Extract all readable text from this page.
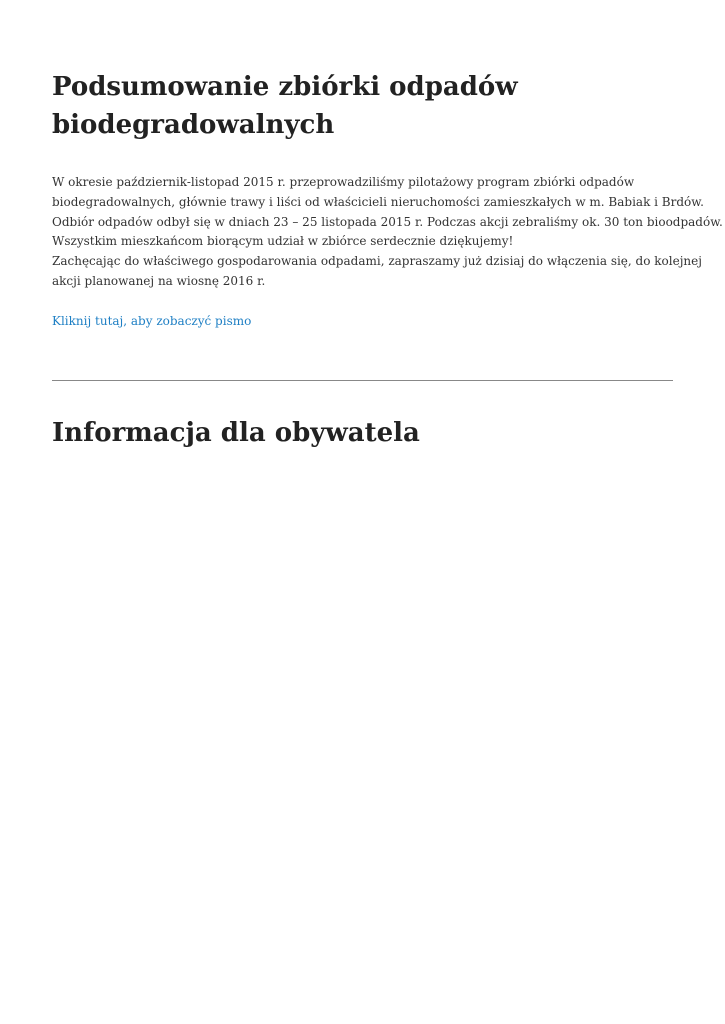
Podsumowanie zbiórki odpadów
biodegradowalnych

W okresie październik-listopad 2015 r. przeprowadziliśmy pilotażowy program zbiórki odpadów
biodegradowalnych, głównie trawy i liści od właścicieli nieruchomości zamieszkałych w m. Babiak i Brdów.
Odbiór odpadów odbył się w dniach 23 – 25 listopada 2015 r. Podczas akcji zebraliśmy ok. 30 ton bioodpadów.
Wszystkim mieszkańcom biorącym udział w zbiórce serdecznie dziękujemy!
Zachęcając do właściwego gospodarowania odpadami, zapraszamy już dzisiaj do włączenia się, do kolejnej
akcji planowanej na wiosnę 2016 r.

Kliknij tutaj, aby zobaczyć pismo
Informacja dla obywatela
